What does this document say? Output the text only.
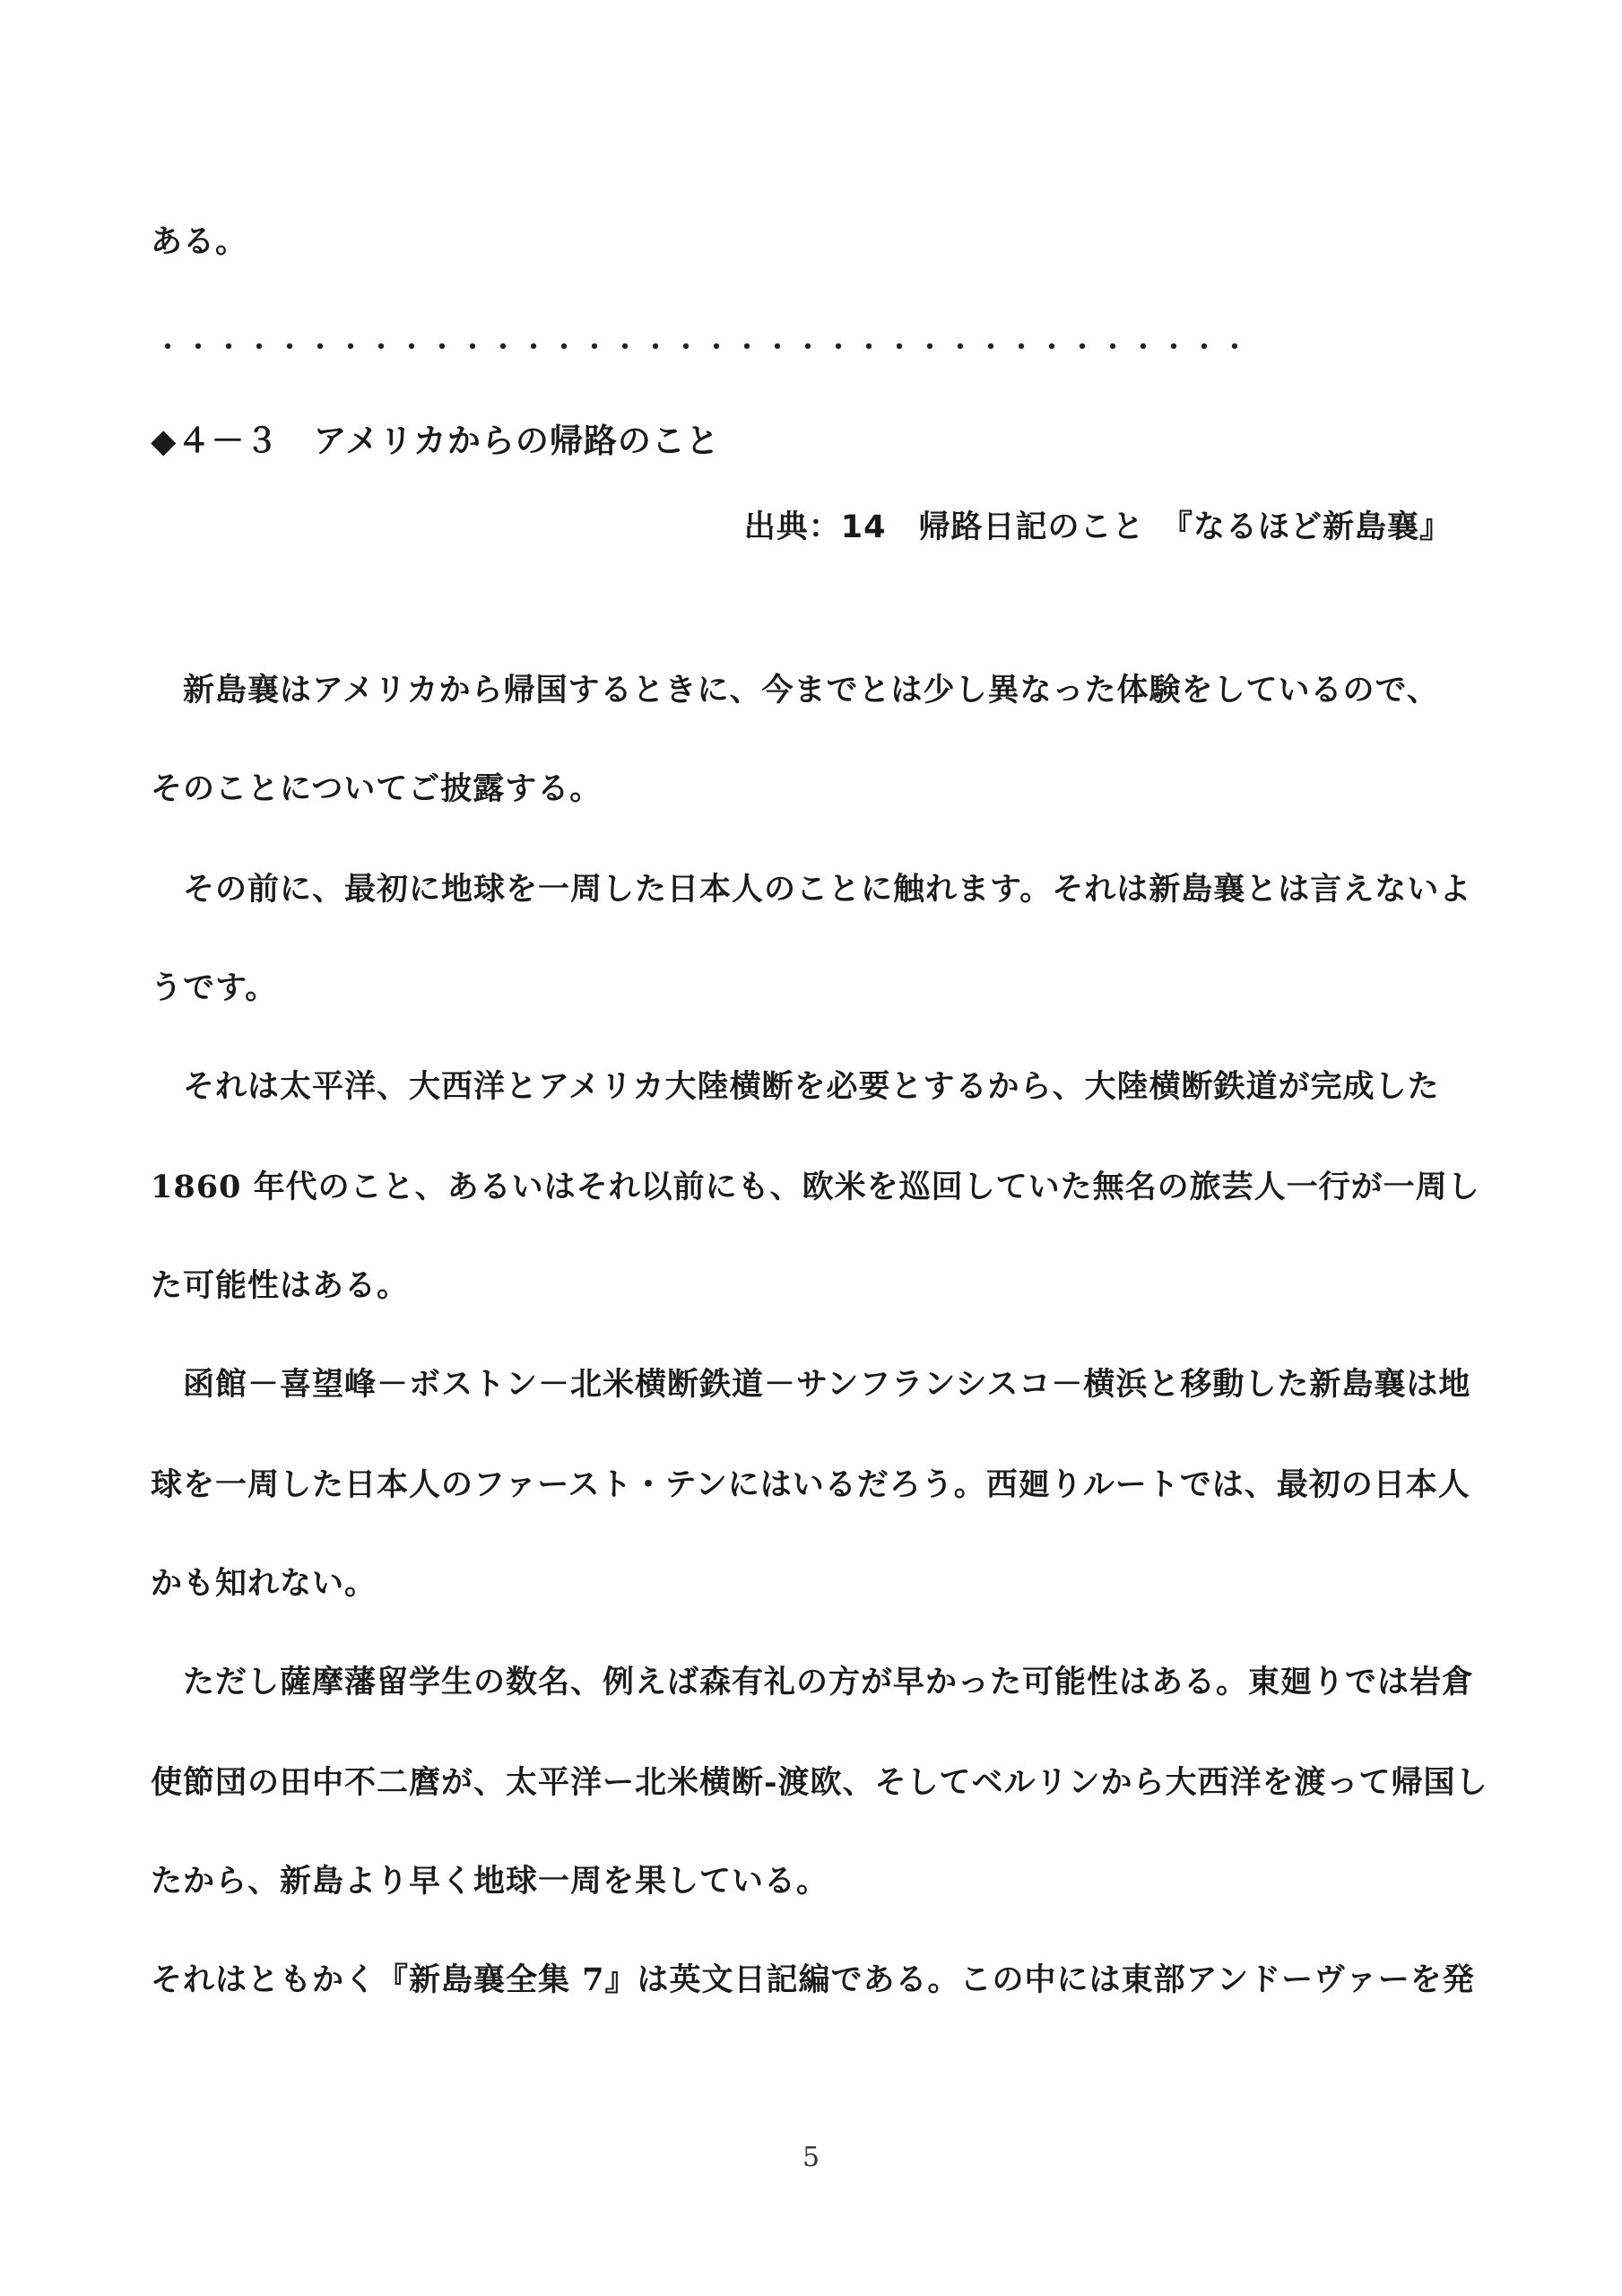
ある。
・・・・・・・・・・・・・・・・・・・・・・・・・・・・・・・・・・・・
◆４－３　アメリカからの帰路のこと
出典：14　帰路日記のこと　『なるほど新島襄』
　新島襄はアメリカから帰国するときに、今までとは少し異なった体験をしているので、
そのことについてご披露する。
　その前に、最初に地球を一周した日本人のことに触れます。それは新島襄とは言えないよ
うです。
　それは太平洋、大西洋とアメリカ大陸横断を必要とするから、大陸横断鉄道が完成した
1860 年代のこと、あるいはそれ以前にも、欧米を巡回していた無名の旅芸人一行が一周し
た可能性はある。
　函館－喜望峰－ボストン－北米横断鉄道－サンフランシスコ－横浜と移動した新島襄は地
球を一周した日本人のファースト・テンにはいるだろう。西廻りルートでは、最初の日本人
かも知れない。
　ただし薩摩藩留学生の数名、例えば森有礼の方が早かった可能性はある。東廻りでは岩倉
使節団の田中不二麿が、太平洋ー北米横断-渡欧、そしてベルリンから大西洋を渡って帰国し
たから、新島より早く地球一周を果している。
それはともかく『新島襄全集 7』は英文日記編である。この中には東部アンドーヴァーを発
5
